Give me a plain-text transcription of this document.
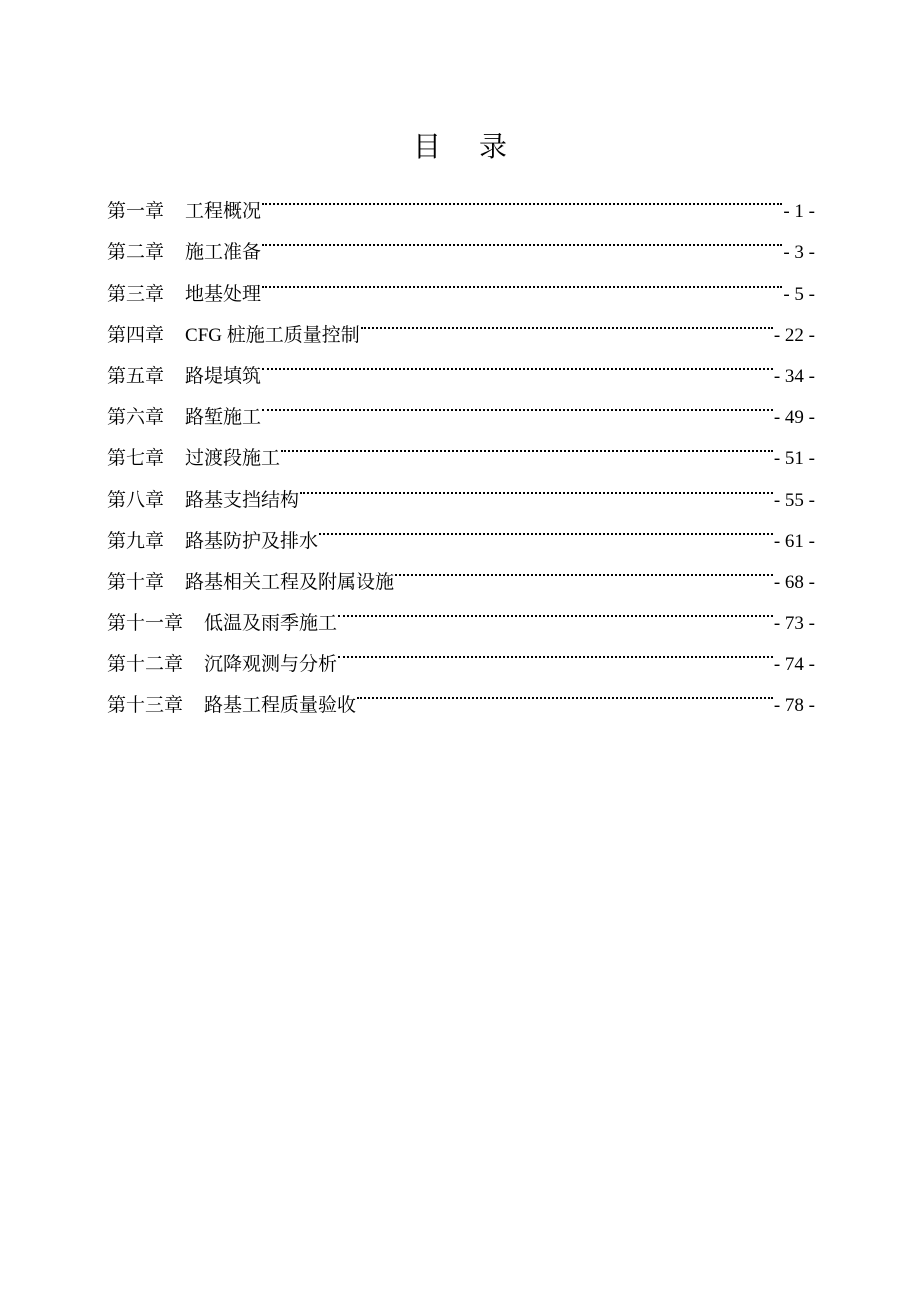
目 录
第一章 工程概况	- 1 -
第二章 施工准备	- 3 -
第三章 地基处理	- 5 -
第四章 CFG 桩施工质量控制	- 22 -
第五章 路堤填筑	- 34 -
第六章 路堑施工	- 49 -
第七章 过渡段施工	- 51 -
第八章 路基支挡结构	- 55 -
第九章 路基防护及排水	- 61 -
第十章 路基相关工程及附属设施	- 68 -
第十一章 低温及雨季施工	- 73 -
第十二章 沉降观测与分析	- 74 -
第十三章 路基工程质量验收	- 78 -
